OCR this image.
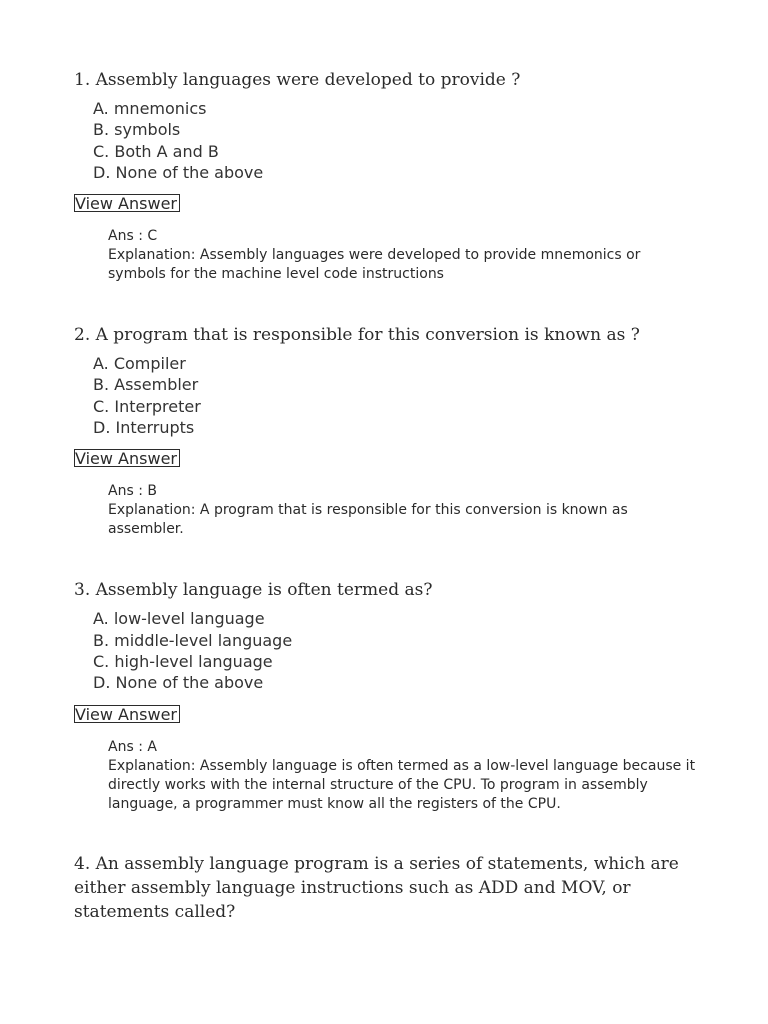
1. Assembly languages were developed to provide ?

A. mnemonics
B. symbols
C. Both A and B
D. None of the above
View Answer

Ans : C

Explanation: Assembly languages were developed to provide mnemonics or symbols for the machine level code instructions

2. A program that is responsible for this conversion is known as ?

A. Compiler
B. Assembler
C. Interpreter
D. Interrupts
View Answer

Ans : B

Explanation: A program that is responsible for this conversion is known as assembler.

3. Assembly language is often termed as?

A. low-level language
B. middle-level language
C. high-level language
D. None of the above
View Answer

Ans : A

Explanation: Assembly language is often termed as a low-level language because it directly works with the internal structure of the CPU. To program in assembly language, a programmer must know all the registers of the CPU.

4. An assembly language program is a series of statements, which are either assembly language instructions such as ADD and MOV, or statements called?
